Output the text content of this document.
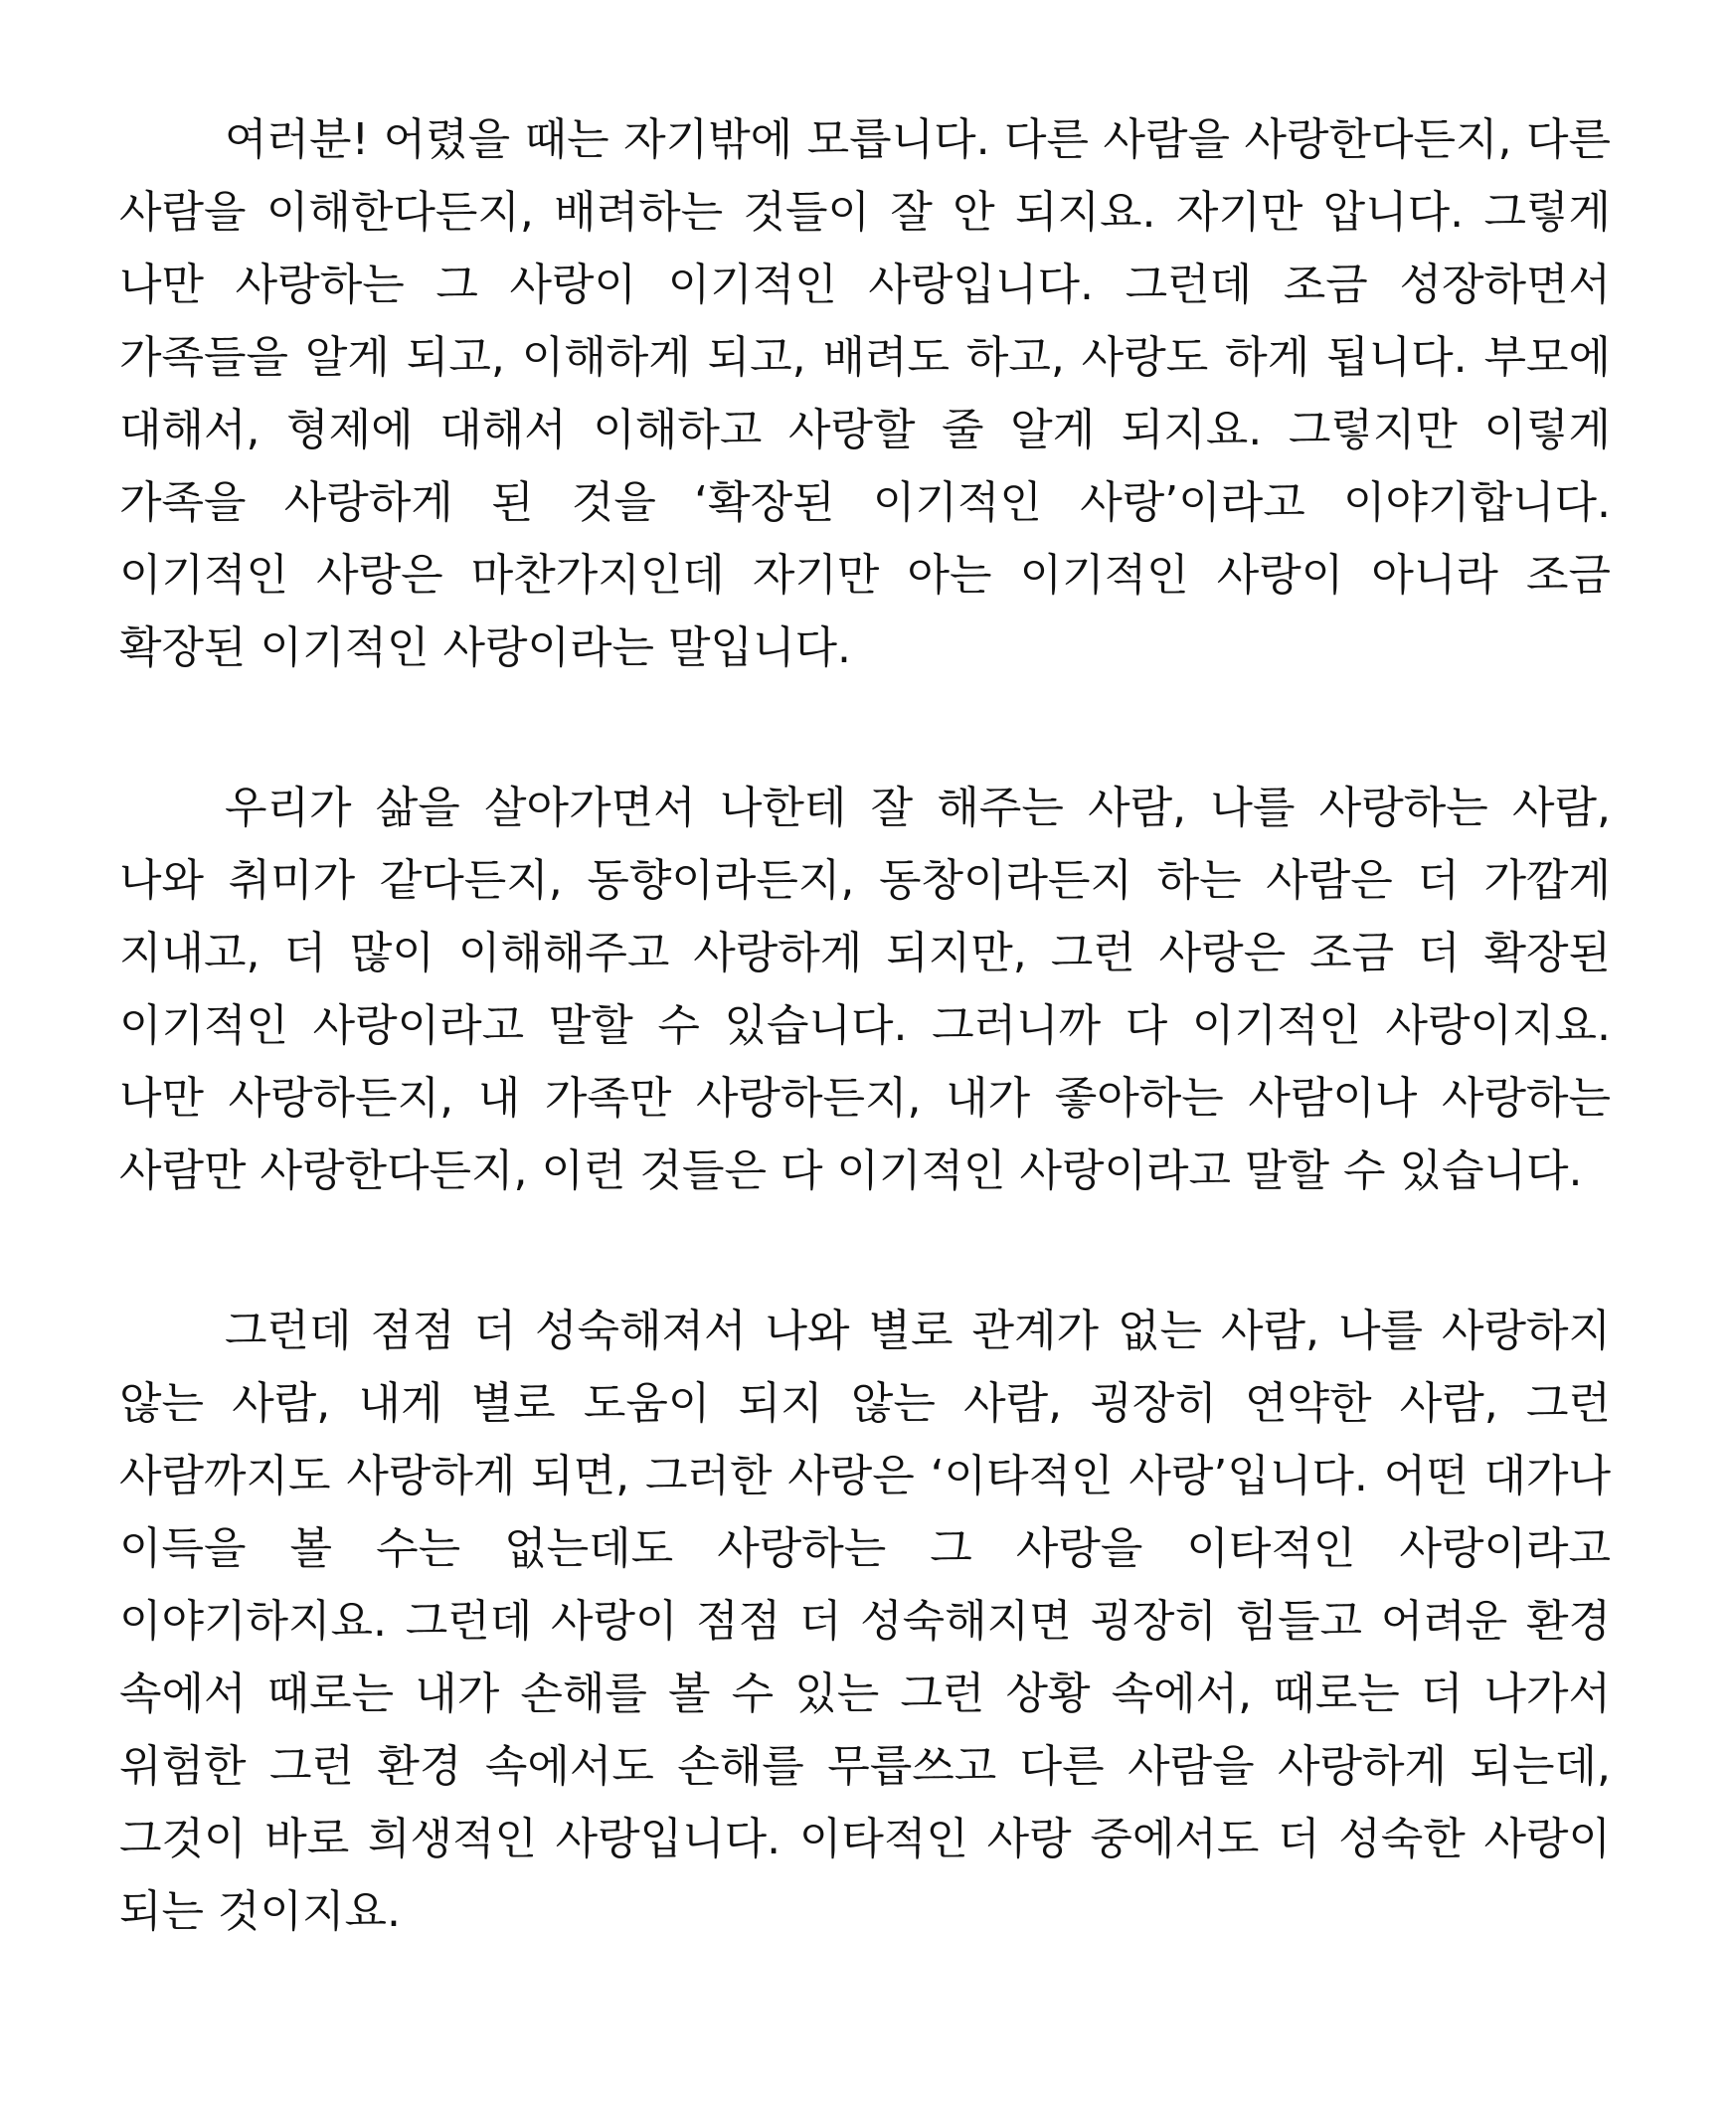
여러분! 어렸을 때는 자기밖에 모릅니다. 다른 사람을 사랑한다든지, 다른 사람을 이해한다든지, 배려하는 것들이 잘 안 되지요. 자기만 압니다. 그렇게 나만 사랑하는 그 사랑이 이기적인 사랑입니다. 그런데 조금 성장하면서 가족들을 알게 되고, 이해하게 되고, 배려도 하고, 사랑도 하게 됩니다. 부모에 대해서, 형제에 대해서 이해하고 사랑할 줄 알게 되지요. 그렇지만 이렇게 가족을 사랑하게 된 것을 ‘확장된 이기적인 사랑’이라고 이야기합니다. 이기적인 사랑은 마찬가지인데 자기만 아는 이기적인 사랑이 아니라 조금 확장된 이기적인 사랑이라는 말입니다.

우리가 삶을 살아가면서 나한테 잘 해주는 사람, 나를 사랑하는 사람, 나와 취미가 같다든지, 동향이라든지, 동창이라든지 하는 사람은 더 가깝게 지내고, 더 많이 이해해주고 사랑하게 되지만, 그런 사랑은 조금 더 확장된 이기적인 사랑이라고 말할 수 있습니다. 그러니까 다 이기적인 사랑이지요. 나만 사랑하든지, 내 가족만 사랑하든지, 내가 좋아하는 사람이나 사랑하는 사람만 사랑한다든지, 이런 것들은 다 이기적인 사랑이라고 말할 수 있습니다.

그런데 점점 더 성숙해져서 나와 별로 관계가 없는 사람, 나를 사랑하지 않는 사람, 내게 별로 도움이 되지 않는 사람, 굉장히 연약한 사람, 그런 사람까지도 사랑하게 되면, 그러한 사랑은 ‘이타적인 사랑’입니다. 어떤 대가나 이득을 볼 수는 없는데도 사랑하는 그 사랑을 이타적인 사랑이라고 이야기하지요. 그런데 사랑이 점점 더 성숙해지면 굉장히 힘들고 어려운 환경 속에서 때로는 내가 손해를 볼 수 있는 그런 상황 속에서, 때로는 더 나가서 위험한 그런 환경 속에서도 손해를 무릅쓰고 다른 사람을 사랑하게 되는데, 그것이 바로 희생적인 사랑입니다. 이타적인 사랑 중에서도 더 성숙한 사랑이 되는 것이지요.
